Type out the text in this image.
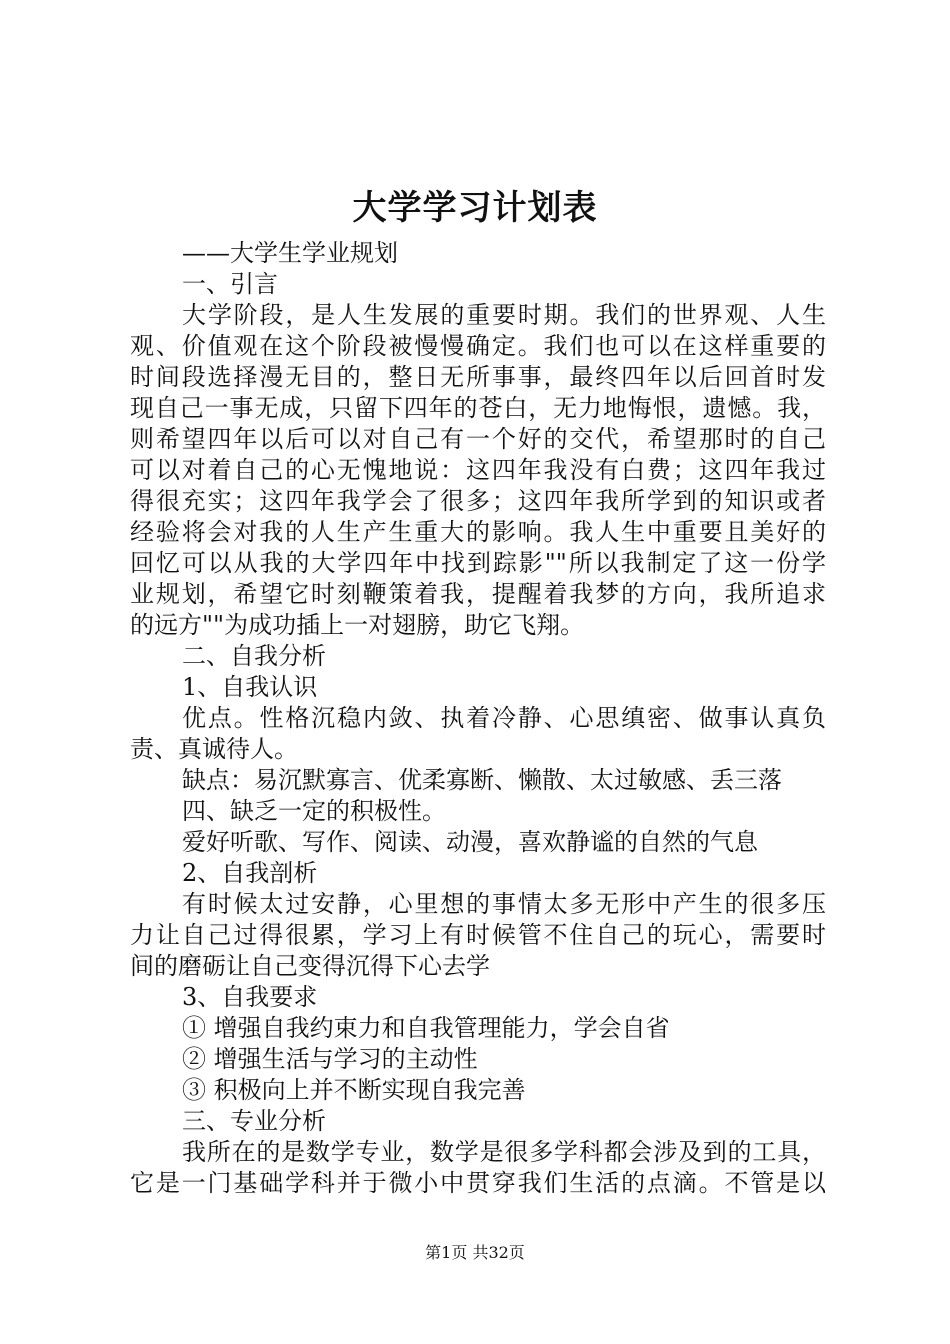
大学学习计划表
——大学生学业规划
一、引言
大学阶段，是人生发展的重要时期。我们的世界观、人生
观、价值观在这个阶段被慢慢确定。我们也可以在这样重要的
时间段选择漫无目的，整日无所事事，最终四年以后回首时发
现自己一事无成，只留下四年的苍白，无力地悔恨，遗憾。我，
则希望四年以后可以对自己有一个好的交代，希望那时的自己
可以对着自己的心无愧地说：这四年我没有白费；这四年我过
得很充实；这四年我学会了很多；这四年我所学到的知识或者
经验将会对我的人生产生重大的影响。我人生中重要且美好的
回忆可以从我的大学四年中找到踪影""所以我制定了这一份学
业规划，希望它时刻鞭策着我，提醒着我梦的方向，我所追求
的远方""为成功插上一对翅膀，助它飞翔。
二、自我分析
1、自我认识
优点。性格沉稳内敛、执着冷静、心思缜密、做事认真负
责、真诚待人。
缺点：易沉默寡言、优柔寡断、懒散、太过敏感、丢三落
四、缺乏一定的积极性。
爱好听歌、写作、阅读、动漫，喜欢静谧的自然的气息
2、自我剖析
有时候太过安静，心里想的事情太多无形中产生的很多压
力让自己过得很累，学习上有时候管不住自己的玩心，需要时
间的磨砺让自己变得沉得下心去学
3、自我要求
① 增强自我约束力和自我管理能力，学会自省
② 增强生活与学习的主动性
③ 积极向上并不断实现自我完善
三、专业分析
我所在的是数学专业，数学是很多学科都会涉及到的工具，
它是一门基础学科并于微小中贯穿我们生活的点滴。不管是以
第1页 共32页
